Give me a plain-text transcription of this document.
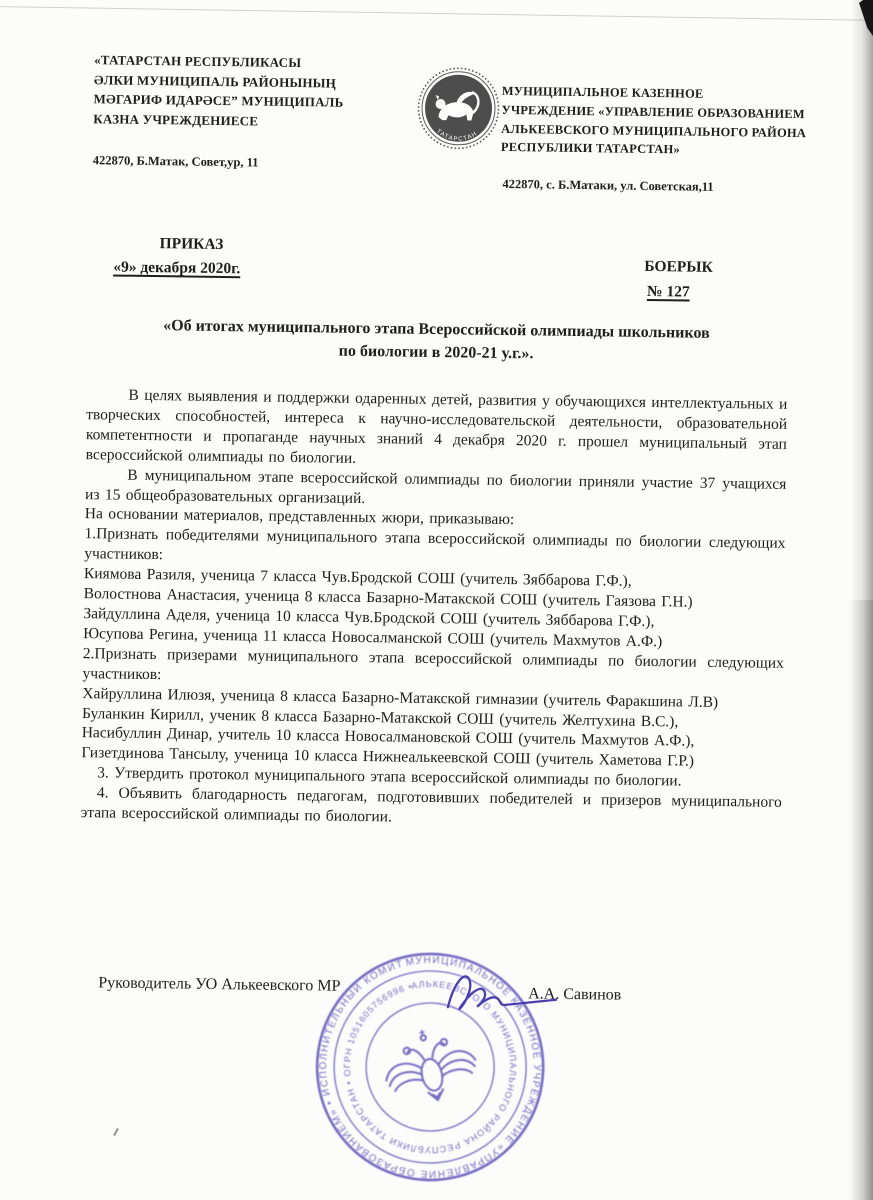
«ТАТАРСТАН РЕСПУБЛИКАСЫ
ӘЛКИ МУНИЦИПАЛЬ РАЙОНЫНЫҢ
МӘГАРИФ ИДАРӘСЕ” МУНИЦИПАЛЬ
КАЗНА УЧРЕЖДЕНИЕСЕ
ТАТАРСТАН
МУНИЦИПАЛЬНОЕ КАЗЕННОЕ
УЧРЕЖДЕНИЕ «УПРАВЛЕНИЕ ОБРАЗОВАНИЕМ
АЛЬКЕЕВСКОГО МУНИЦИПАЛЬНОГО РАЙОНА
РЕСПУБЛИКИ ТАТАРСТАН»
422870, Б.Матак, Совет,ур, 11
422870, с. Б.Матаки, ул. Советская,11
ПРИКАЗ
«9» декабря 2020г.	БОЕРЫК
№ 127
«Об итогах муниципального этапа Всероссийской олимпиады школьников
по биологии в 2020-21 у.г.».

В целях выявления и поддержки одаренных детей, развития у обучающихся интеллектуальных и творческих способностей, интереса к научно-исследовательской деятельности, образовательной компетентности и пропаганде научных знаний 4 декабря 2020 г. прошел муниципальный этап всероссийской олимпиады по биологии.

В муниципальном этапе всероссийской олимпиады по биологии приняли участие 37 учащихся из 15 общеобразовательных организаций.

На основании материалов, представленных жюри, приказываю:

1.Признать победителями муниципального этапа всероссийской олимпиады по биологии следующих участников:

Киямова Разиля, ученица 7 класса Чув.Бродской СОШ (учитель Зяббарова Г.Ф.),

Волостнова Анастасия, ученица 8 класса Базарно-Матакской СОШ (учитель Гаязова Г.Н.)

Зайдуллина Аделя, ученица 10 класса Чув.Бродской СОШ (учитель Зяббарова Г.Ф.),

Юсупова Регина, ученица 11 класса Новосалманской СОШ (учитель Махмутов А.Ф.)

2.Признать призерами муниципального этапа всероссийской олимпиады по биологии следующих участников:

Хайруллина Илюзя, ученица 8 класса Базарно-Матакской гимназии (учитель Фаракшина Л.В)

Буланкин Кирилл, ученик 8 класса Базарно-Матакской СОШ (учитель Желтухина В.С.),

Насибуллин Динар, учитель 10 класса Новосалмановской СОШ (учитель Махмутов А.Ф.),

Гизетдинова Тансылу, ученица 10 класса Нижнеалькеевской СОШ (учитель Хаметова Г.Р.)

3. Утвердить протокол муниципального этапа всероссийской олимпиады по биологии.

4. Объявить благодарность педагогам, подготовивших победителей и призеров муниципального этапа всероссийской олимпиады по биологии.

Руководитель УО Алькеевского МР	А.А. Савинов
МУНИЦИПАЛЬНОЕ КАЗЕННОЕ УЧРЕЖДЕНИЕ «УПРАВЛЕНИЕ ОБРАЗОВАНИЕМ» • ИСПОЛНИТЕЛЬНЫЙ КОМИТЕТ •
АЛЬКЕЕВСКОГО МУНИЦИПАЛЬНОГО РАЙОНА РЕСПУБЛИКИ ТАТАРСТАН • ОГРН 1051605756996 •
